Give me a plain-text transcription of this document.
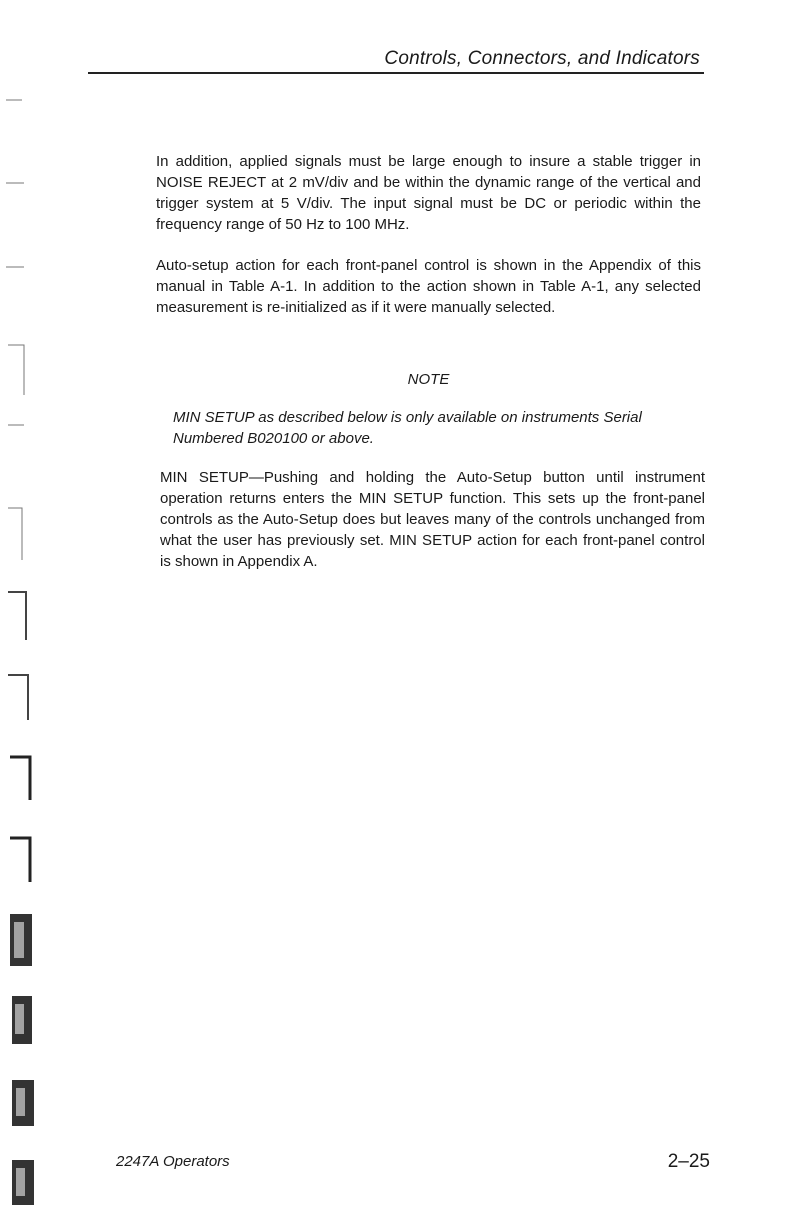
Controls, Connectors, and Indicators

In addition, applied signals must be large enough to insure a stable trigger in NOISE REJECT at 2 mV/div and be within the dynamic range of the vertical and trigger system at 5 V/div. The input signal must be DC or periodic within the frequency range of 50 Hz to 100 MHz.

Auto-setup action for each front-panel control is shown in the Appendix of this manual in Table A-1. In addition to the action shown in Table A-1, any selected measurement is re-initialized as if it were manually selected.

NOTE

MIN SETUP as described below is only available on instruments Serial Numbered B020100 or above.

MIN SETUP—Pushing and holding the Auto-Setup button until instrument operation returns enters the MIN SETUP function. This sets up the front-panel controls as the Auto-Setup does but leaves many of the controls unchanged from what the user has previously set. MIN SETUP action for each front-panel control is shown in Appendix A.

2247A Operators	2–25
